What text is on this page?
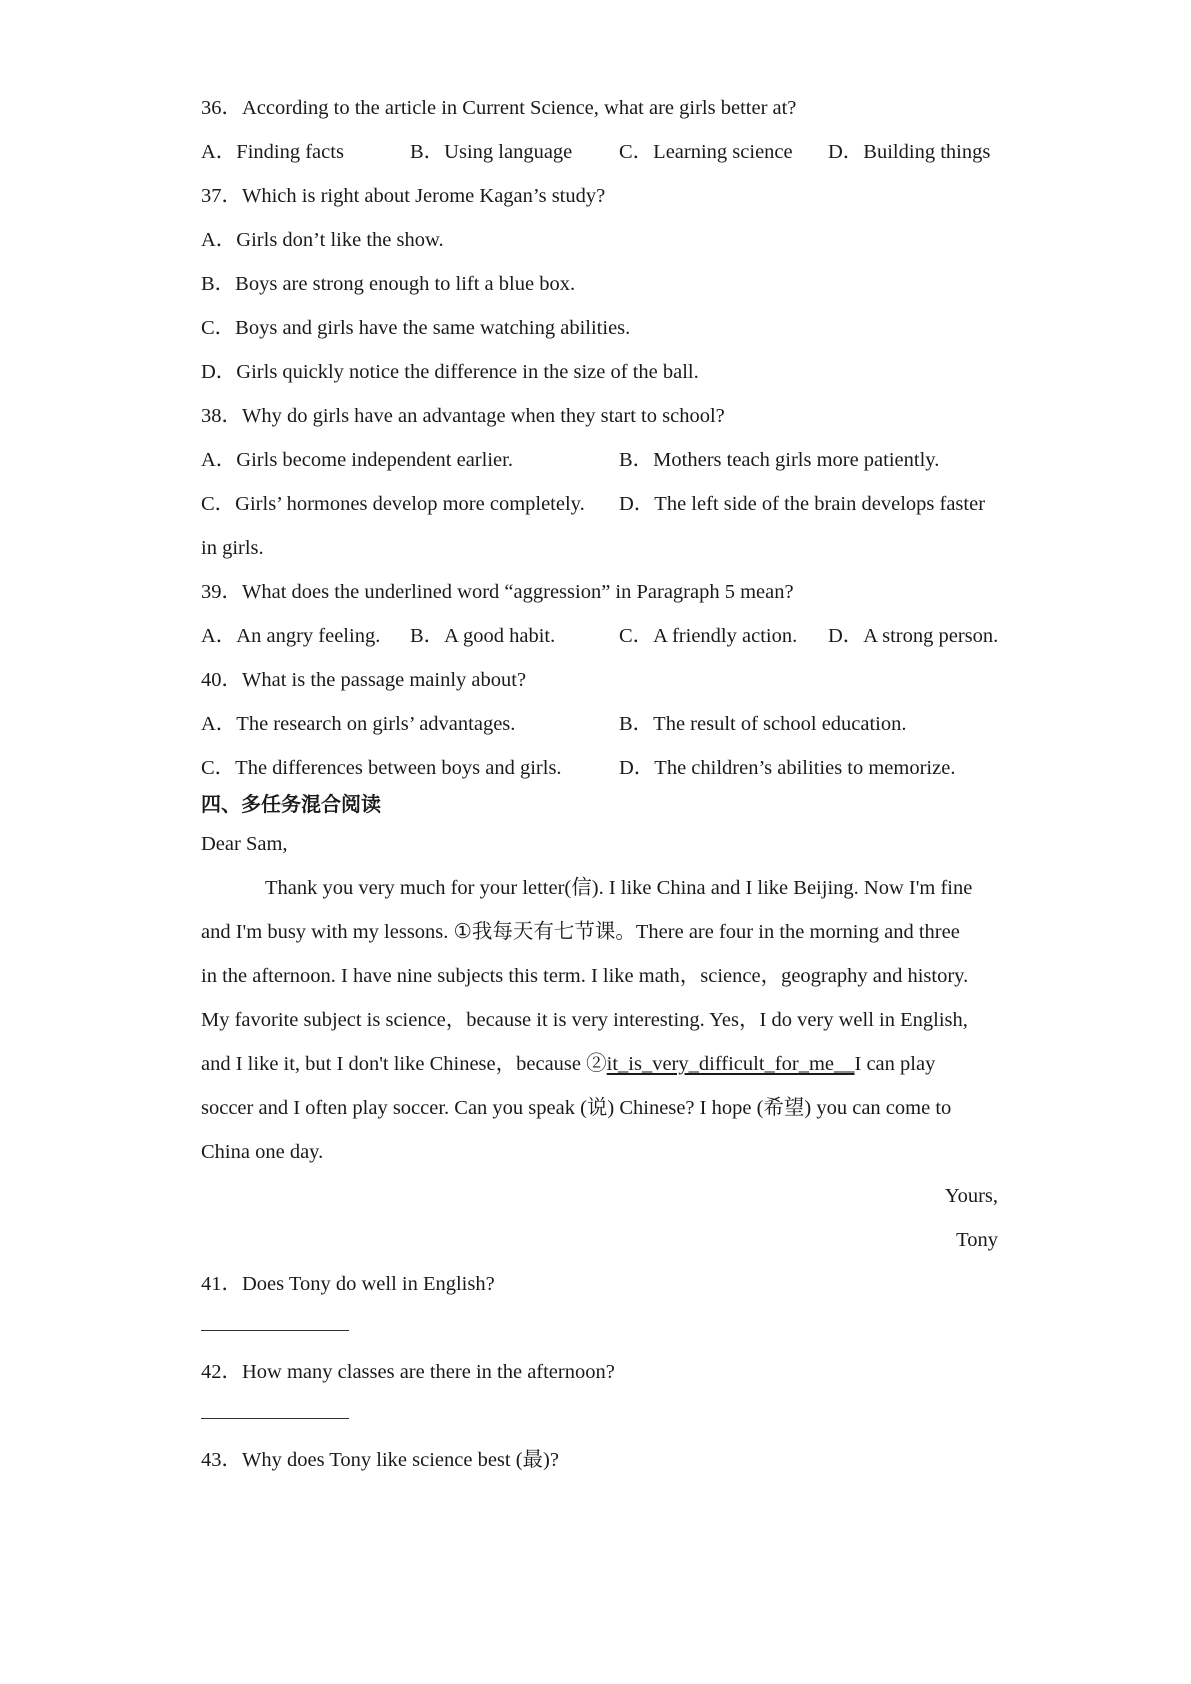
36．According to the article in Current Science, what are girls better at?
A．Finding facts	B．Using language C．Learning science D．Building things
37．Which is right about Jerome Kagan’s study?
A．Girls don’t like the show.
B．Boys are strong enough to lift a blue box.
C．Boys and girls have the same watching abilities.
D．Girls quickly notice the difference in the size of the ball.
38．Why do girls have an advantage when they start to school?
A．Girls become independent earlier.	B．Mothers teach girls more patiently.
C．Girls’ hormones develop more completely. D．The left side of the brain develops faster
in girls.
39．What does the underlined word “aggression” in Paragraph 5 mean?
A．An angry feeling. B．A good habit.	C．A friendly action. D．A strong person.
40．What is the passage mainly about?
A．The research on girls’ advantages.	B．The result of school education.
C．The differences between boys and girls.	D．The children’s abilities to memorize.
四、多任务混合阅读
Dear Sam,
Thank you very much for your letter(信). I like China and I like Beijing. Now I'm fine
and I'm busy with my lessons. ①我每天有七节课。There are four in the morning and three
in the afternoon. I have nine subjects this term. I like math，science，geography and history.
My favorite subject is science，because it is very interesting. Yes，I do very well in English,
and I like it, but I don't like Chinese，because ②it_is_very_difficult_for_me__I can play
soccer and I often play soccer. Can you speak (说) Chinese? I hope (希望) you can come to
China one day.
Yours,
Tony
41．Does Tony do well in English?
42．How many classes are there in the afternoon?
43．Why does Tony like science best (最)?
